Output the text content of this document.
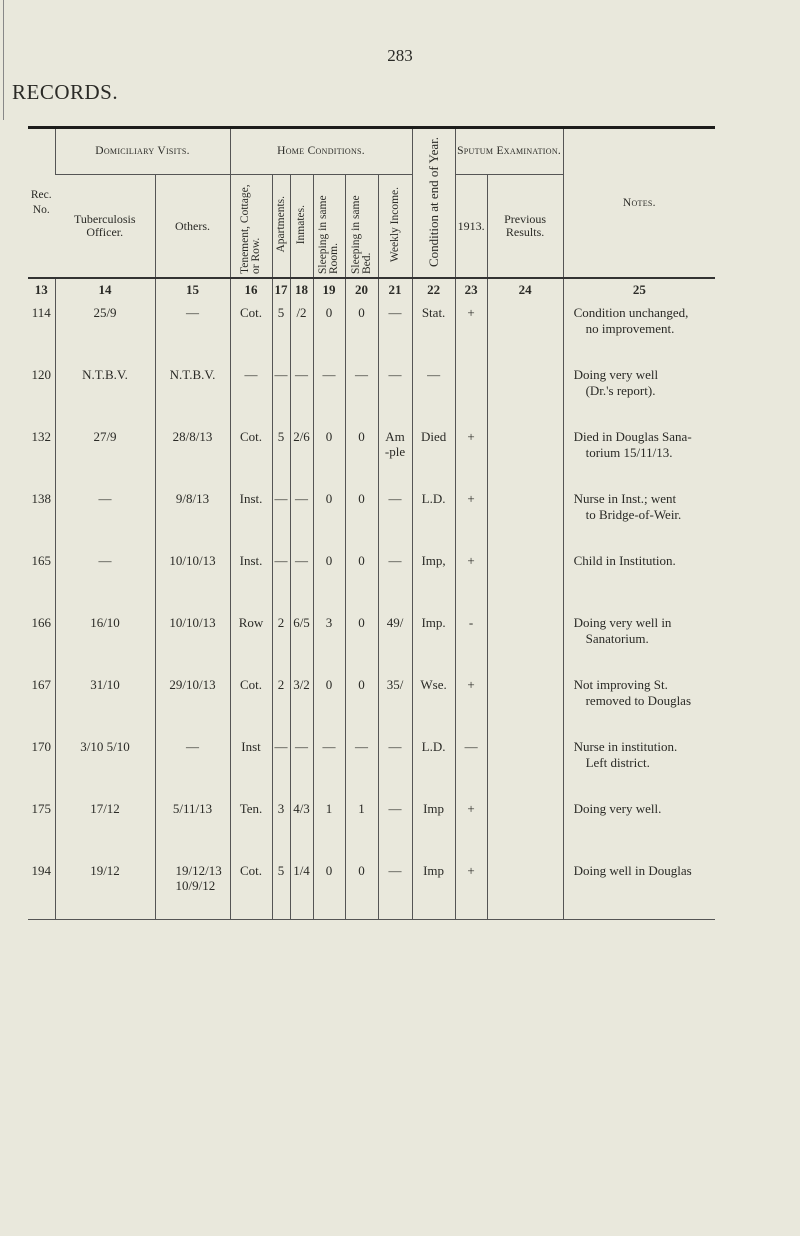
283
RECORDS.
Rec. No.	Domiciliary Visits.		Home Conditions.						Condition at end of Year.	Sputum Examination.		Notes.
	Tuberculosis Officer.	Others.	Tenement, Cottage, or Row.	Apartments.	Inmates.	Sleeping in same Room.	Sleeping in same Bed.	Weekly Income.		1913.	Previous Results.	
13	14	15	16	17	18	19	20	21	22	23	24	25
114	25/9	—	Cot.	5	/2	0	0	—	Stat.	+		Condition unchanged,
no improvement.

120	N.T.B.V.	N.T.B.V.	—	—	—	—	—	—	—			Doing very well
(Dr.'s report).

132	27/9	28/8/13	Cot.	5	2/6	0	0	Am-ple	Died	+		Died in Douglas Sana-
torium 15/11/13.

138	—	9/8/13	Inst.	—	—	0	0	—	L.D.	+		Nurse in Inst.; went
to Bridge-of-Weir.

165	—	10/10/13	Inst.	—	—	0	0	—	Imp,	+		Child in Institution.

166	16/10	10/10/13	Row	2	6/5	3	0	49/	Imp.	-		Doing very well in
Sanatorium.

167	31/10	29/10/13	Cot.	2	3/2	0	0	35/	Wse.	+		Not improving St.
removed to Douglas

170	3/10 5/10	—	Inst	—	—	—	—	—	L.D.	—		Nurse in institution.
Left district.

175	17/12	5/11/13	Ten.	3	4/3	1	1	—	Imp	+		Doing very well.

194	19/12	19/12/13 10/9/12	Cot.	5	1/4	0	0	—	Imp	+		Doing well in Douglas
